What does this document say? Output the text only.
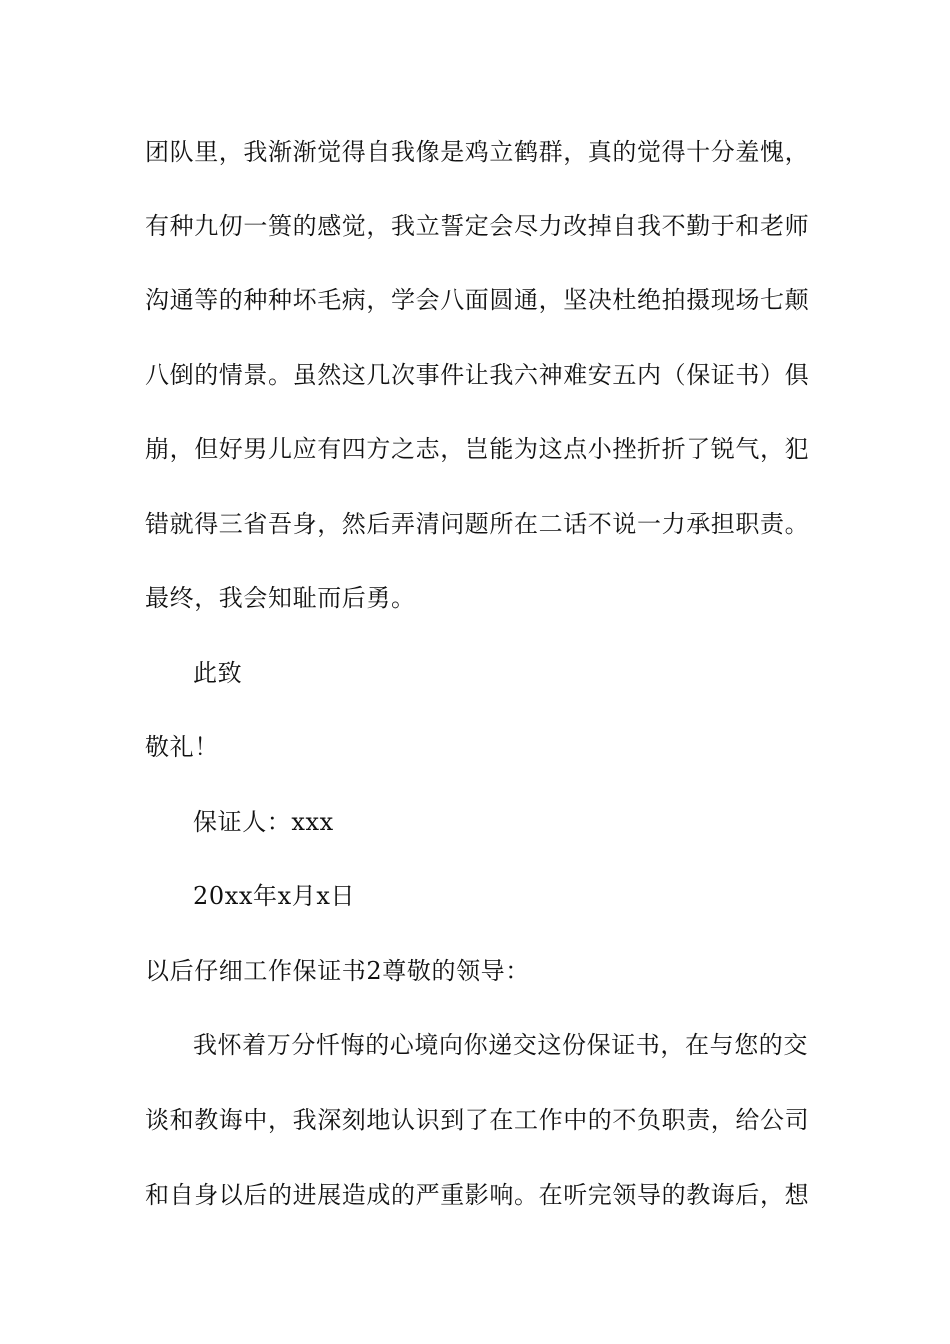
团队里，我渐渐觉得自我像是鸡立鹤群，真的觉得十分羞愧，
有种九仞一篑的感觉，我立誓定会尽力改掉自我不勤于和老师
沟通等的种种坏毛病，学会八面圆通，坚决杜绝拍摄现场七颠
八倒的情景。虽然这几次事件让我六神难安五内（保证书）俱
崩，但好男儿应有四方之志，岂能为这点小挫折折了锐气，犯
错就得三省吾身，然后弄清问题所在二话不说一力承担职责。
最终，我会知耻而后勇。
此致
敬礼！
保证人：xxx
20xx年x月x日
以后仔细工作保证书2尊敬的领导：
我怀着万分忏悔的心境向你递交这份保证书，在与您的交
谈和教诲中，我深刻地认识到了在工作中的不负职责，给公司
和自身以后的进展造成的严重影响。在听完领导的教诲后，想
